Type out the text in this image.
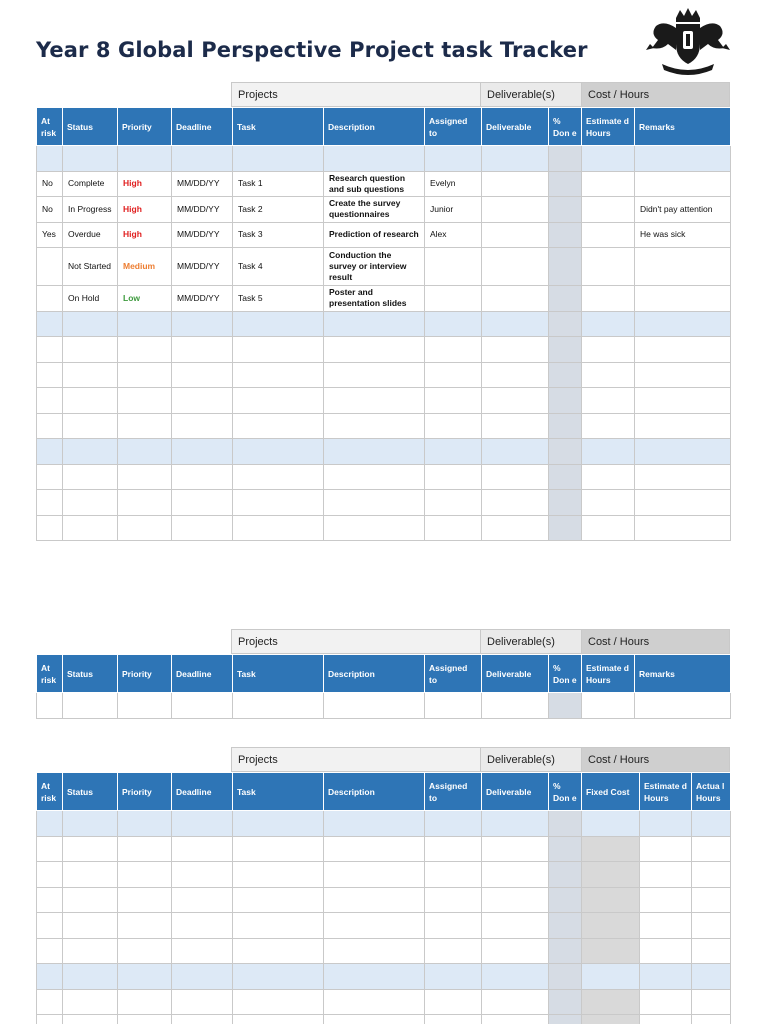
Year 8 Global Perspective Project task Tracker
Projects	Deliverable(s)	Cost / Hours
At risk	Status	Priority	Deadline	Task	Description	Assigned to	Deliverable	% Don e	Estimate d Hours	Remarks

No	Complete	High	MM/DD/YY	Task 1	Research question and sub questions	Evelyn				
No	In Progress	High	MM/DD/YY	Task 2	Create the survey questionnaires	Junior				Didn't pay attention
Yes	Overdue	High	MM/DD/YY	Task 3	Prediction of research	Alex				He was sick
	Not Started	Medium	MM/DD/YY	Task 4	Conduction the survey or interview result					
	On Hold	Low	MM/DD/YY	Task 5	Poster and presentation slides					

Projects	Deliverable(s)	Cost / Hours
At risk	Status	Priority	Deadline	Task	Description	Assigned to	Deliverable	% Don e	Estimate d Hours	Remarks

Projects	Deliverable(s)	Cost / Hours
At risk	Status	Priority	Deadline	Task	Description	Assigned to	Deliverable	% Don e	Fixed Cost	Estimate d Hours	Actua l Hours
